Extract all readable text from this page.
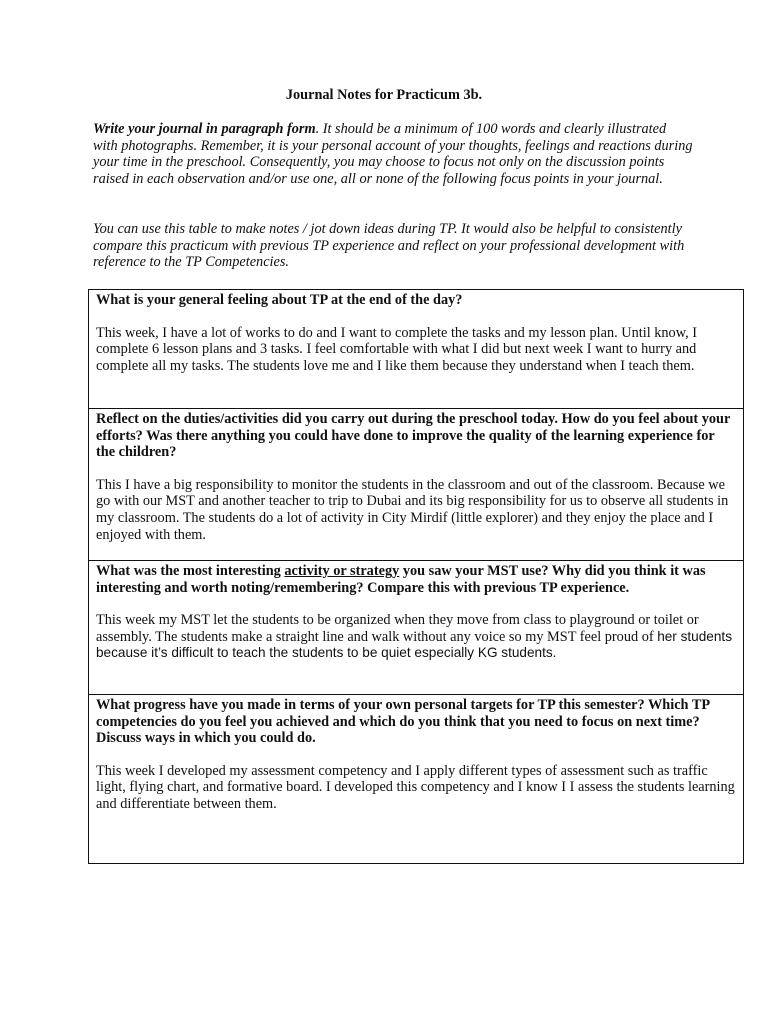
Journal Notes for Practicum 3b.

Write your journal in paragraph form. It should be a minimum of 100 words and clearly illustrated with photographs. Remember, it is your personal account of your thoughts, feelings and reactions during your time in the preschool. Consequently, you may choose to focus not only on the discussion points raised in each observation and/or use one, all or none of the following focus points in your journal.

You can use this table to make notes / jot down ideas during TP. It would also be helpful to consistently compare this practicum with previous TP experience and reflect on your professional development with reference to the TP Competencies.

What is your general feeling about TP at the end of the day?

This week, I have a lot of works to do and I want to complete the tasks and my lesson plan. Until know, I complete 6 lesson plans and 3 tasks. I feel comfortable with what I did but next week I want to hurry and complete all my tasks. The students love me and I like them because they understand when I teach them.

Reflect on the duties/activities did you carry out during the preschool today. How do you feel about your efforts? Was there anything you could have done to improve the quality of the learning experience for the children?

This I have a big responsibility to monitor the students in the classroom and out of the classroom. Because we go with our MST and another teacher to trip to Dubai and its big responsibility for us to observe all students in my classroom. The students do a lot of activity in City Mirdif (little explorer) and they enjoy the place and I enjoyed with them.

What was the most interesting activity or strategy you saw your MST use? Why did you think it was interesting and worth noting/remembering? Compare this with previous TP experience.

This week my MST let the students to be organized when they move from class to playground or toilet or assembly. The students make a straight line and walk without any voice so my MST feel proud of her students because it’s difficult to teach the students to be quiet especially KG students.

What progress have you made in terms of your own personal targets for TP this semester? Which TP competencies do you feel you achieved and which do you think that you need to focus on next time? Discuss ways in which you could do.

This week I developed my assessment competency and I apply different types of assessment such as traffic light, flying chart, and formative board. I developed this competency and I know I I assess the students learning and differentiate between them.
